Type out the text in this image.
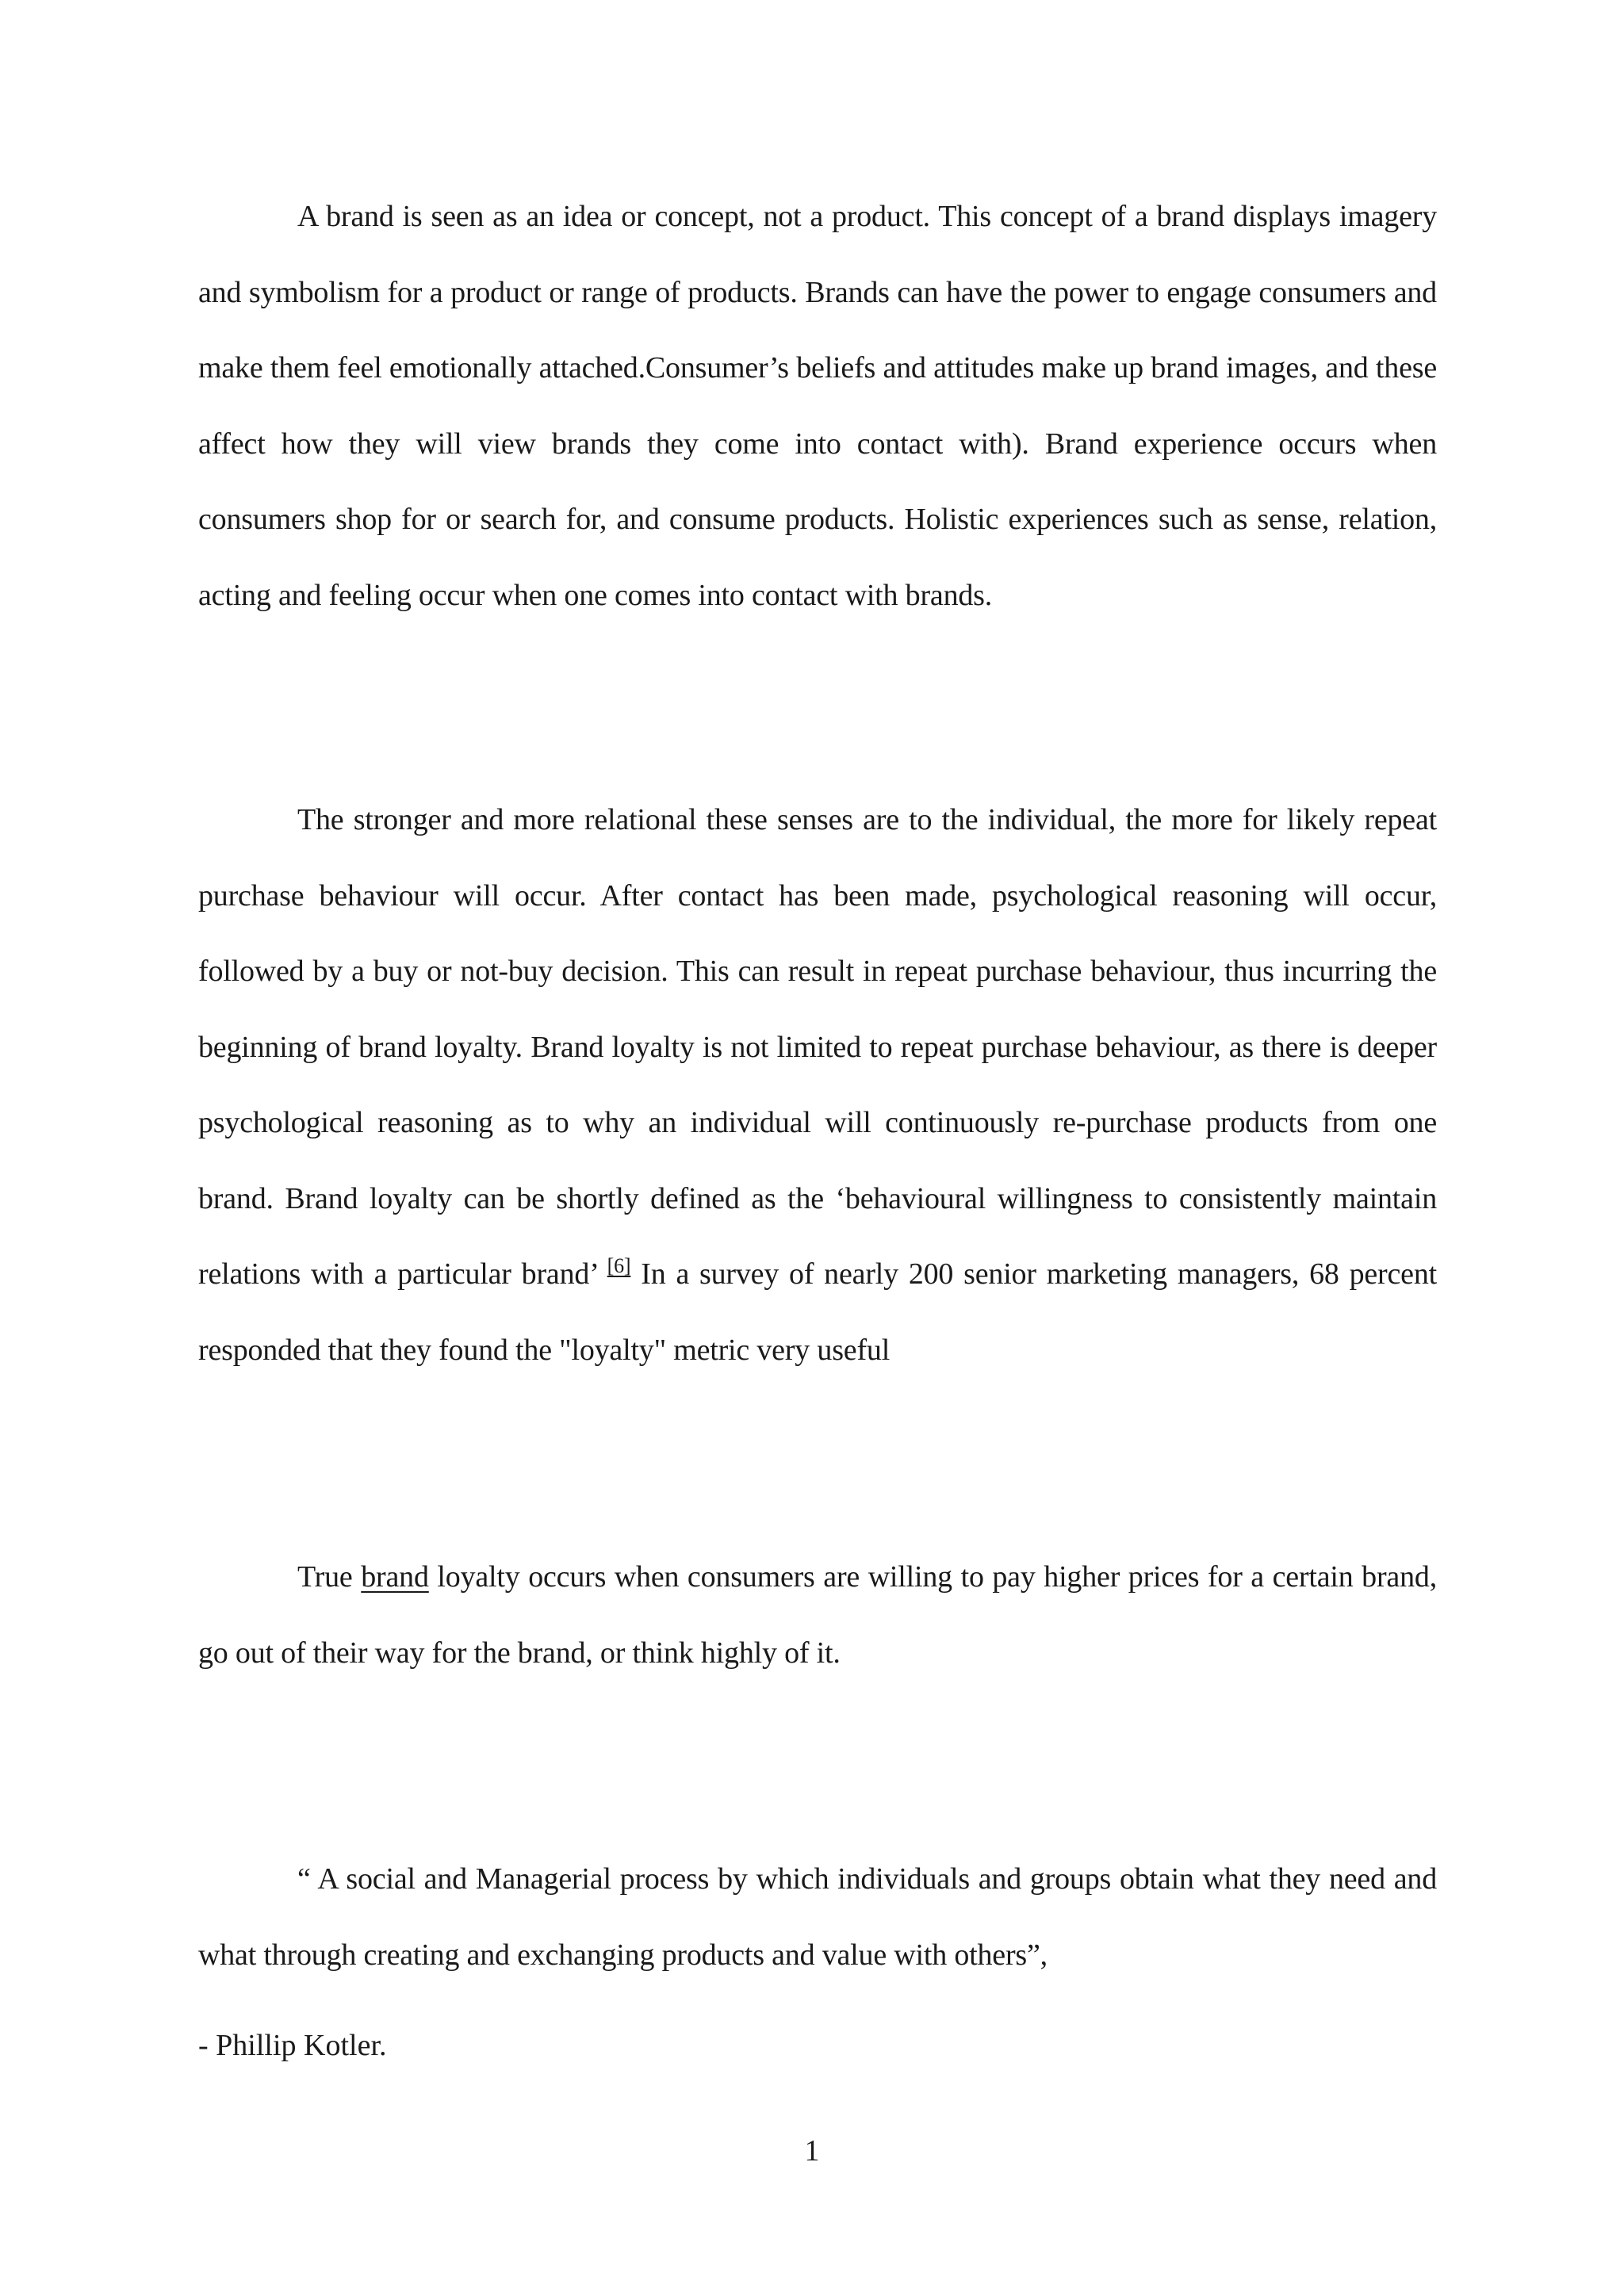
A brand is seen as an idea or concept, not a product. This concept of a brand displays imagery and symbolism for a product or range of products. Brands can have the power to engage consumers and make them feel emotionally attached.Consumer’s beliefs and attitudes make up brand images, and these affect how they will view brands they come into contact with). Brand experience occurs when consumers shop for or search for, and consume products. Holistic experiences such as sense, relation, acting and feeling occur when one comes into contact with brands.

The stronger and more relational these senses are to the individual, the more for likely repeat purchase behaviour will occur. After contact has been made, psychological reasoning will occur, followed by a buy or not-buy decision. This can result in repeat purchase behaviour, thus incurring the beginning of brand loyalty. Brand loyalty is not limited to repeat purchase behaviour, as there is deeper psychological reasoning as to why an individual will continuously re-purchase products from one brand. Brand loyalty can be shortly defined as the ‘behavioural willingness to consistently maintain relations with a particular brand’ [6] In a survey of nearly 200 senior marketing managers, 68 percent responded that they found the "loyalty" metric very useful

True brand loyalty occurs when consumers are willing to pay higher prices for a certain brand, go out of their way for the brand, or think highly of it.

“ A social and Managerial process by which individuals and groups obtain what they need and what through creating and exchanging products and value with others”,

- Phillip Kotler.

1
